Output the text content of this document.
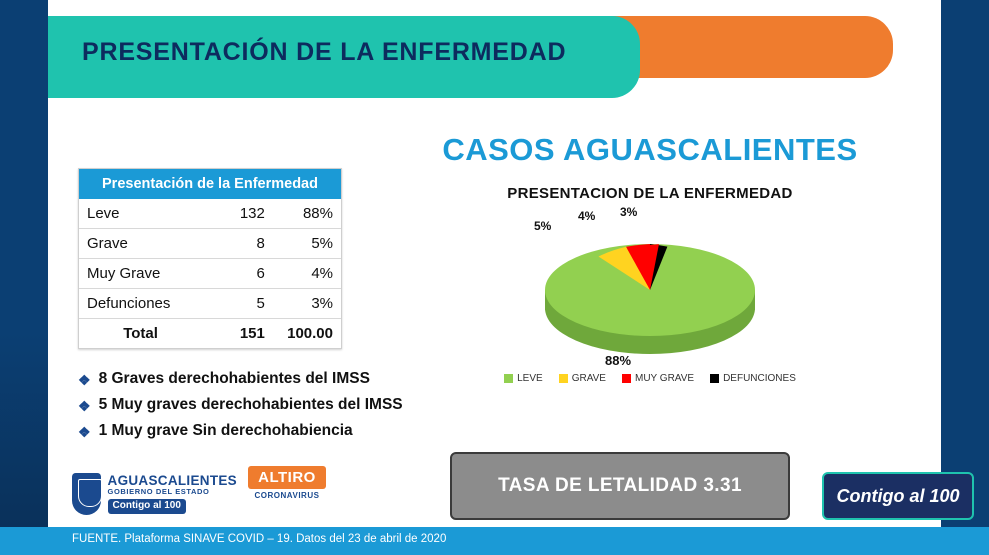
PRESENTACIÓN DE LA ENFERMEDAD
Presentación de la Enfermedad
Leve	132	88%
Grave	8	5%
Muy Grave	6	4%
Defunciones	5	3%
Total	151	100.00
❖ 8 Graves derechohabientes del IMSS
❖ 5 Muy graves derechohabientes del IMSS
❖ 1 Muy grave Sin derechohabiencia
CASOS AGUASCALIENTES
PRESENTACION DE LA ENFERMEDAD
88%
5%
4% 3%
LEVE	GRAVE	MUY GRAVE	DEFUNCIONES
TASA DE LETALIDAD 3.31
AGUASCALIENTES
GOBIERNO DEL ESTADO
Contigo al 100
ALTIRO
CORONAVIRUS	Contigo al 100
FUENTE. Plataforma SINAVE COVID – 19. Datos del 23 de abril de 2020
